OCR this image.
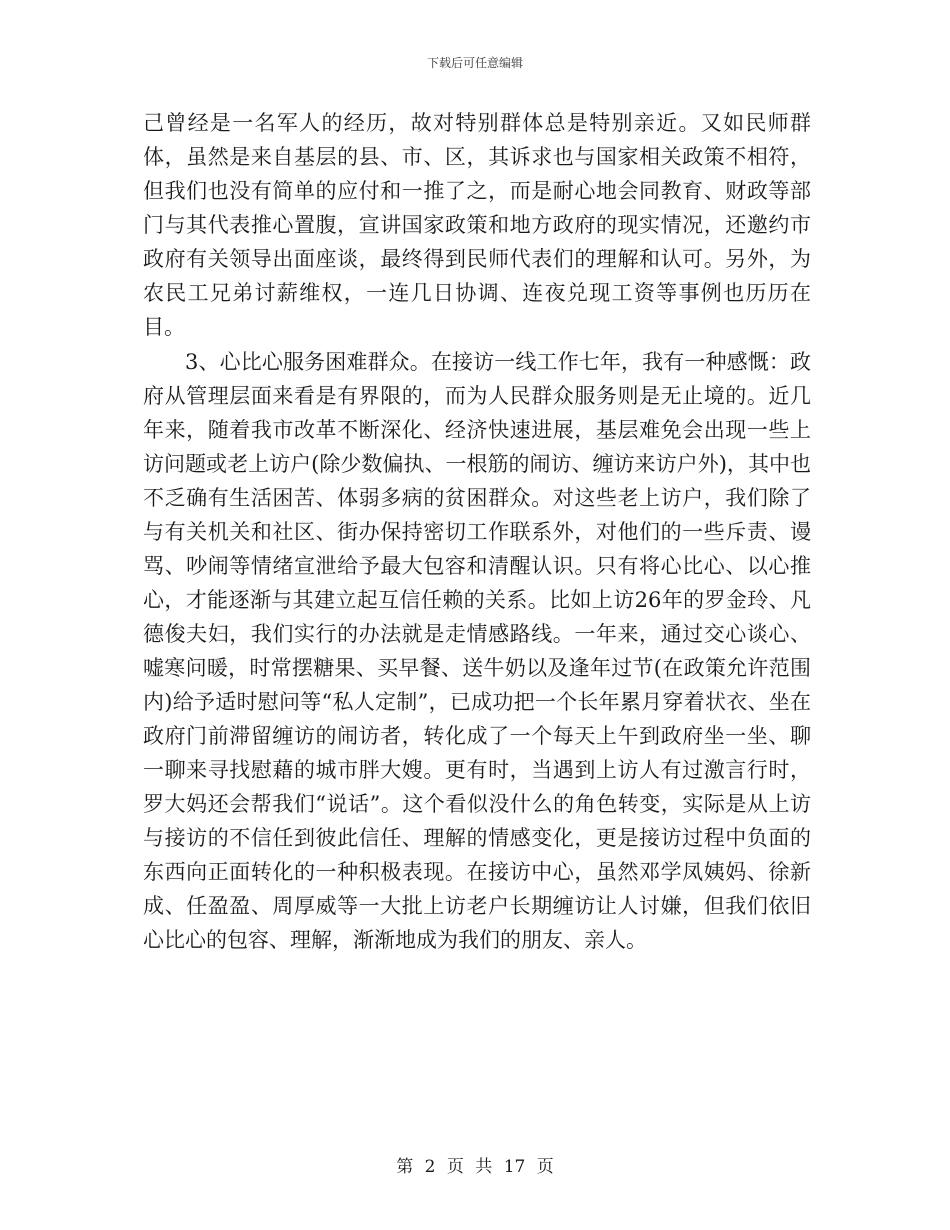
下载后可任意编辑

己曾经是一名军人的经历，故对特别群体总是特别亲近。又如民师群体，虽然是来自基层的县、市、区，其诉求也与国家相关政策不相符，但我们也没有简单的应付和一推了之，而是耐心地会同教育、财政等部门与其代表推心置腹，宣讲国家政策和地方政府的现实情况，还邀约市政府有关领导出面座谈，最终得到民师代表们的理解和认可。另外，为农民工兄弟讨薪维权，一连几日协调、连夜兑现工资等事例也历历在目。

3、心比心服务困难群众。在接访一线工作七年，我有一种感慨：政府从管理层面来看是有界限的，而为人民群众服务则是无止境的。近几年来，随着我市改革不断深化、经济快速进展，基层难免会出现一些上访问题或老上访户(除少数偏执、一根筋的闹访、缠访来访户外)，其中也不乏确有生活困苦、体弱多病的贫困群众。对这些老上访户，我们除了与有关机关和社区、街办保持密切工作联系外，对他们的一些斥责、谩骂、吵闹等情绪宣泄给予最大包容和清醒认识。只有将心比心、以心推心，才能逐渐与其建立起互信任赖的关系。比如上访26年的罗金玲、凡德俊夫妇，我们实行的办法就是走情感路线。一年来，通过交心谈心、嘘寒问暖，时常摆糖果、买早餐、送牛奶以及逢年过节(在政策允许范围内)给予适时慰问等“私人定制”，已成功把一个长年累月穿着状衣、坐在政府门前滞留缠访的闹访者，转化成了一个每天上午到政府坐一坐、聊一聊来寻找慰藉的城市胖大嫂。更有时，当遇到上访人有过激言行时，罗大妈还会帮我们“说话”。这个看似没什么的角色转变，实际是从上访与接访的不信任到彼此信任、理解的情感变化，更是接访过程中负面的东西向正面转化的一种积极表现。在接访中心，虽然邓学凤姨妈、徐新成、任盈盈、周厚威等一大批上访老户长期缠访让人讨嫌，但我们依旧心比心的包容、理解，渐渐地成为我们的朋友、亲人。

第 2 页 共 17 页
